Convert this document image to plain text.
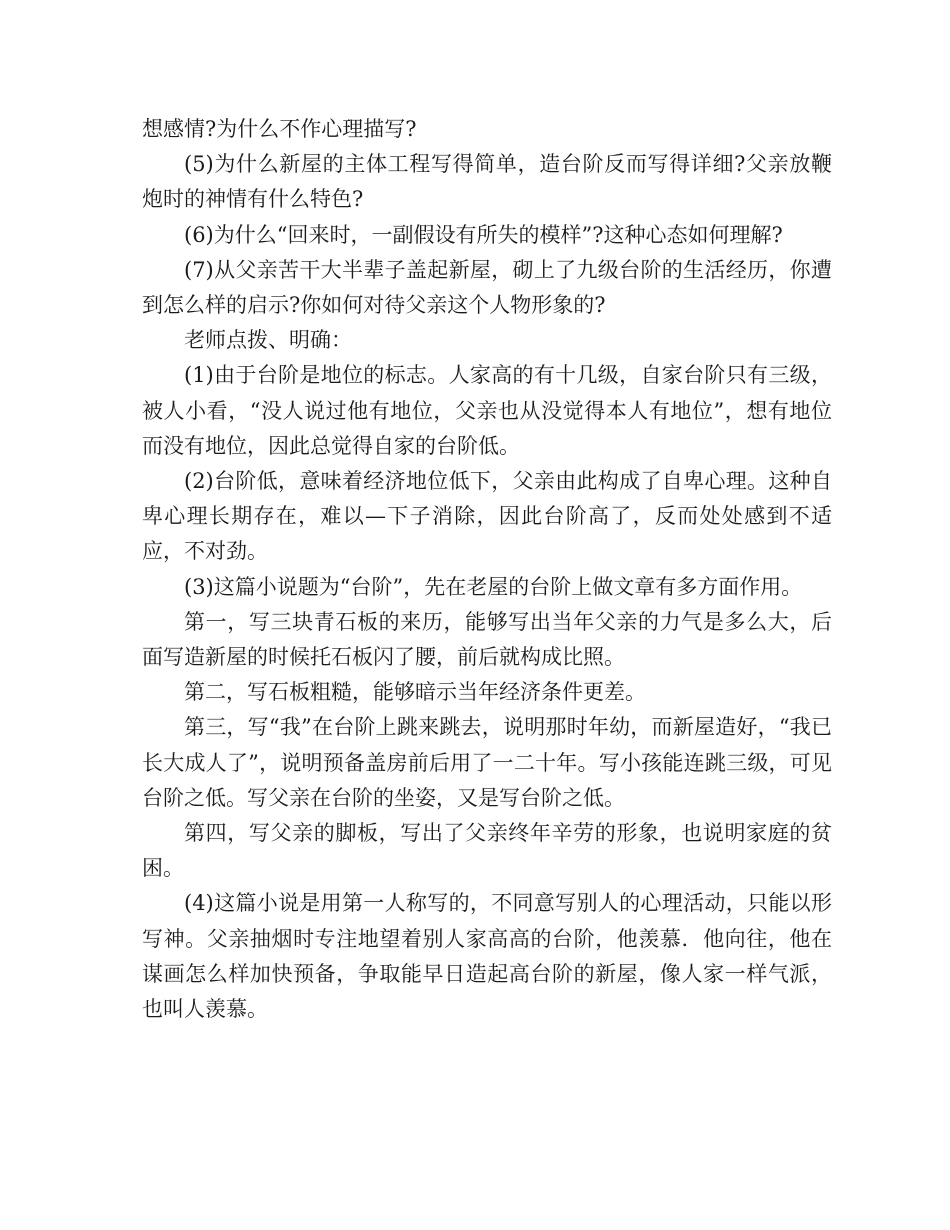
想感情?为什么不作心理描写?

(5)为什么新屋的主体工程写得简单，造台阶反而写得详细?父亲放鞭炮时的神情有什么特色?

(6)为什么“回来时，一副假设有所失的模样”?这种心态如何理解?

(7)从父亲苦干大半辈子盖起新屋，砌上了九级台阶的生活经历，你遭到怎么样的启示?你如何对待父亲这个人物形象的?

老师点拨、明确：

(1)由于台阶是地位的标志。人家高的有十几级，自家台阶只有三级，被人小看，“没人说过他有地位，父亲也从没觉得本人有地位”，想有地位而没有地位，因此总觉得自家的台阶低。

(2)台阶低，意味着经济地位低下，父亲由此构成了自卑心理。这种自卑心理长期存在，难以—下子消除，因此台阶高了，反而处处感到不适应，不对劲。

(3)这篇小说题为“台阶”，先在老屋的台阶上做文章有多方面作用。

第一，写三块青石板的来历，能够写出当年父亲的力气是多么大，后面写造新屋的时候托石板闪了腰，前后就构成比照。

第二，写石板粗糙，能够暗示当年经济条件更差。

第三，写“我”在台阶上跳来跳去，说明那时年幼，而新屋造好，“我已长大成人了”，说明预备盖房前后用了一二十年。写小孩能连跳三级，可见台阶之低。写父亲在台阶的坐姿，又是写台阶之低。

第四，写父亲的脚板，写出了父亲终年辛劳的形象，也说明家庭的贫困。

(4)这篇小说是用第一人称写的，不同意写别人的心理活动，只能以形写神。父亲抽烟时专注地望着别人家高高的台阶，他羡慕．他向往，他在谋画怎么样加快预备，争取能早日造起高台阶的新屋，像人家一样气派，也叫人羡慕。
